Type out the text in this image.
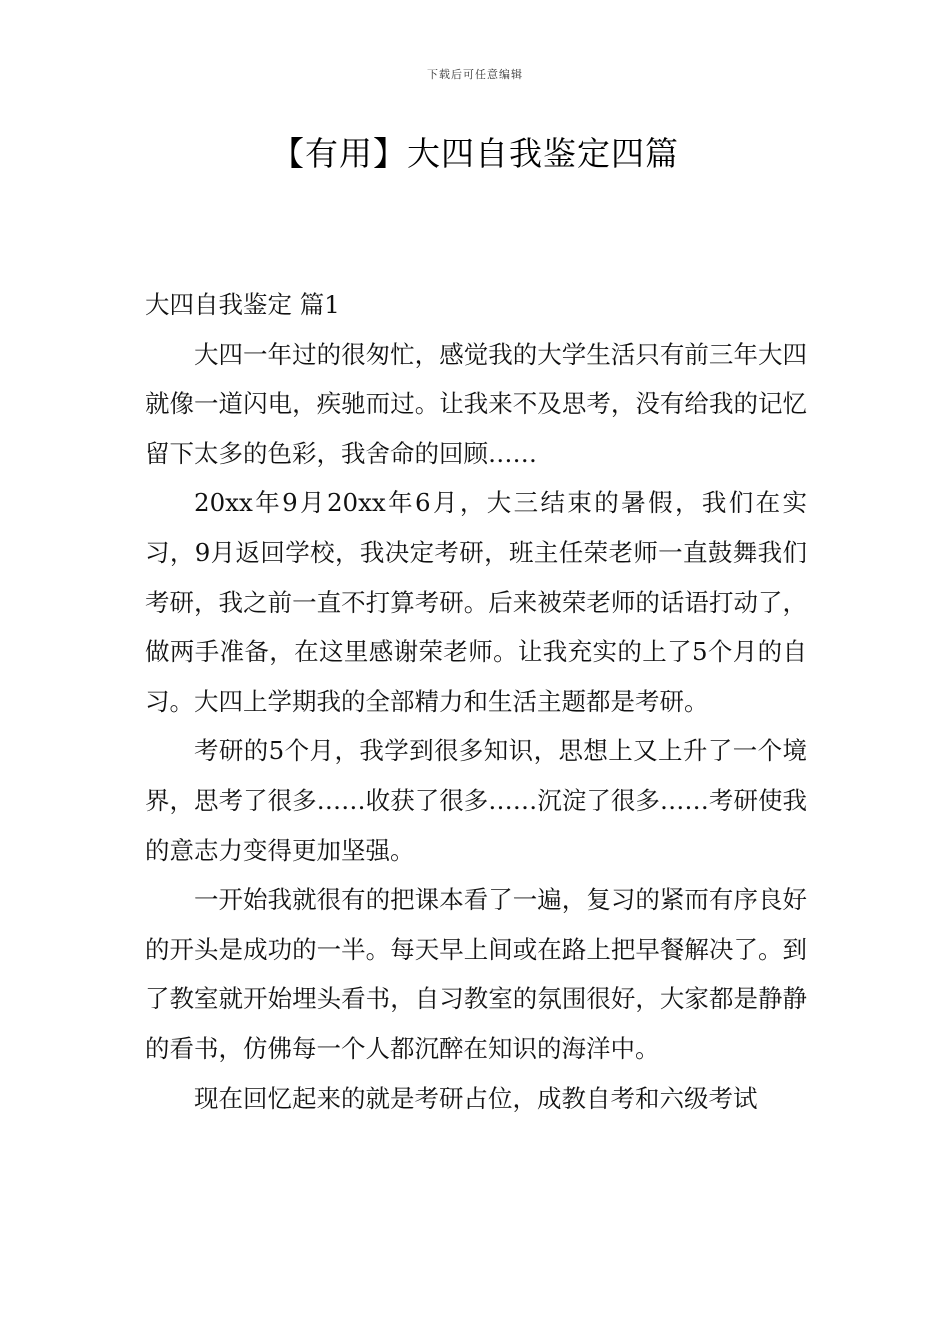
下载后可任意编辑
【有用】大四自我鉴定四篇
大四自我鉴定 篇1

大四一年过的很匆忙，感觉我的大学生活只有前三年大四就像一道闪电，疾驰而过。让我来不及思考，没有给我的记忆留下太多的色彩，我舍命的回顾……

20xx年9月20xx年6月，大三结束的暑假，我们在实习，9月返回学校，我决定考研，班主任荣老师一直鼓舞我们考研，我之前一直不打算考研。后来被荣老师的话语打动了，做两手准备，在这里感谢荣老师。让我充实的上了5个月的自习。大四上学期我的全部精力和生活主题都是考研。

考研的5个月，我学到很多知识，思想上又上升了一个境界，思考了很多……收获了很多……沉淀了很多……考研使我的意志力变得更加坚强。

一开始我就很有的把课本看了一遍，复习的紧而有序良好的开头是成功的一半。每天早上间或在路上把早餐解决了。到了教室就开始埋头看书，自习教室的氛围很好，大家都是静静的看书，仿佛每一个人都沉醉在知识的海洋中。

现在回忆起来的就是考研占位，成教自考和六级考试
